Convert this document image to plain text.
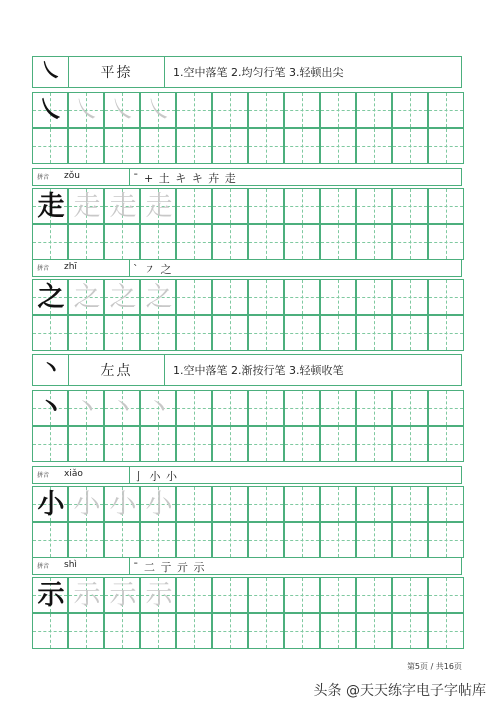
㇏	平捺	1.空中落笔 2.均匀行笔 3.轻顿出尖
㇏ ㇏ ㇏ ㇏
拼音 zǒu	ˉ + 土 キ キ 卉 走
走 走 走 走
拼音 zhī	` ㇇ 之
之 之 之 之
丶	左点	1.空中落笔 2.渐按行笔 3.轻顿收笔
丶 丶 丶 丶
拼音 xiǎo	亅 小 小
小 小 小 小
拼音 shì	ˉ 二 亍 亓 示
示 示 示 示
第5页 / 共16页
头条 @天天练字电子字帖库
